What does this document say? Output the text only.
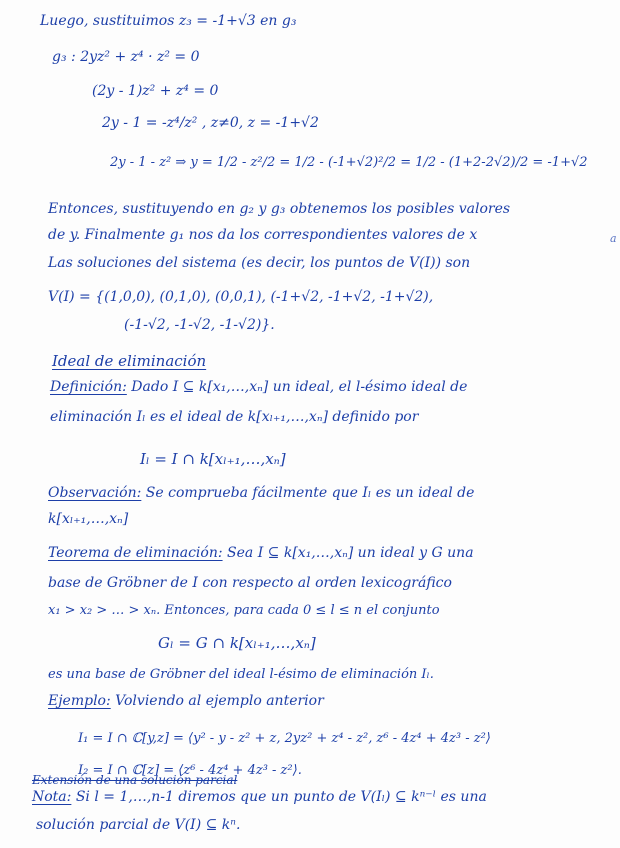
Luego, sustituimos z₃ = -1+√3 en g₃
g₃ : 2yz² + z⁴ · z² = 0
(2y - 1)z² + z⁴ = 0
2y - 1 = -z⁴/z² , z≠0, z = -1+√2
2y - 1 - z² ⇒ y = 1/2 - z²/2 = 1/2 - (-1+√2)²/2 = 1/2 - (1+2-2√2)/2 = -1+√2
Entonces, sustituyendo en g₂ y g₃ obtenemos los posibles valores
de y. Finalmente g₁ nos da los correspondientes valores de x	a
Las soluciones del sistema (es decir, los puntos de V(I)) son
V(I) = {(1,0,0), (0,1,0), (0,0,1), (-1+√2, -1+√2, -1+√2),
(-1-√2, -1-√2, -1-√2)}.
Ideal de eliminación
Definición: Dado I ⊆ k[x₁,…,xₙ] un ideal, el l-ésimo ideal de
eliminación Iₗ es el ideal de k[xₗ₊₁,…,xₙ] definido por
Iₗ = I ∩ k[xₗ₊₁,…,xₙ]
Observación: Se comprueba fácilmente que Iₗ es un ideal de
k[xₗ₊₁,…,xₙ]
Teorema de eliminación: Sea I ⊆ k[x₁,…,xₙ] un ideal y G una
base de Gröbner de I con respecto al orden lexicográfico
x₁ > x₂ > … > xₙ. Entonces, para cada 0 ≤ l ≤ n el conjunto
Gₗ = G ∩ k[xₗ₊₁,…,xₙ]
es una base de Gröbner del ideal l-ésimo de eliminación Iₗ.
Ejemplo: Volviendo al ejemplo anterior
I₁ = I ∩ ℂ[y,z] = ⟨y² - y - z² + z, 2yz² + z⁴ - z², z⁶ - 4z⁴ + 4z³ - z²⟩
I₂ = I ∩ ℂ[z] = ⟨z⁶ - 4z⁴ + 4z³ - z²⟩.
Extensión de una solución parcial
Nota: Si l = 1,…,n-1 diremos que un punto de V(Iₗ) ⊆ kⁿ⁻ˡ es una
solución parcial de V(I) ⊆ kⁿ.
